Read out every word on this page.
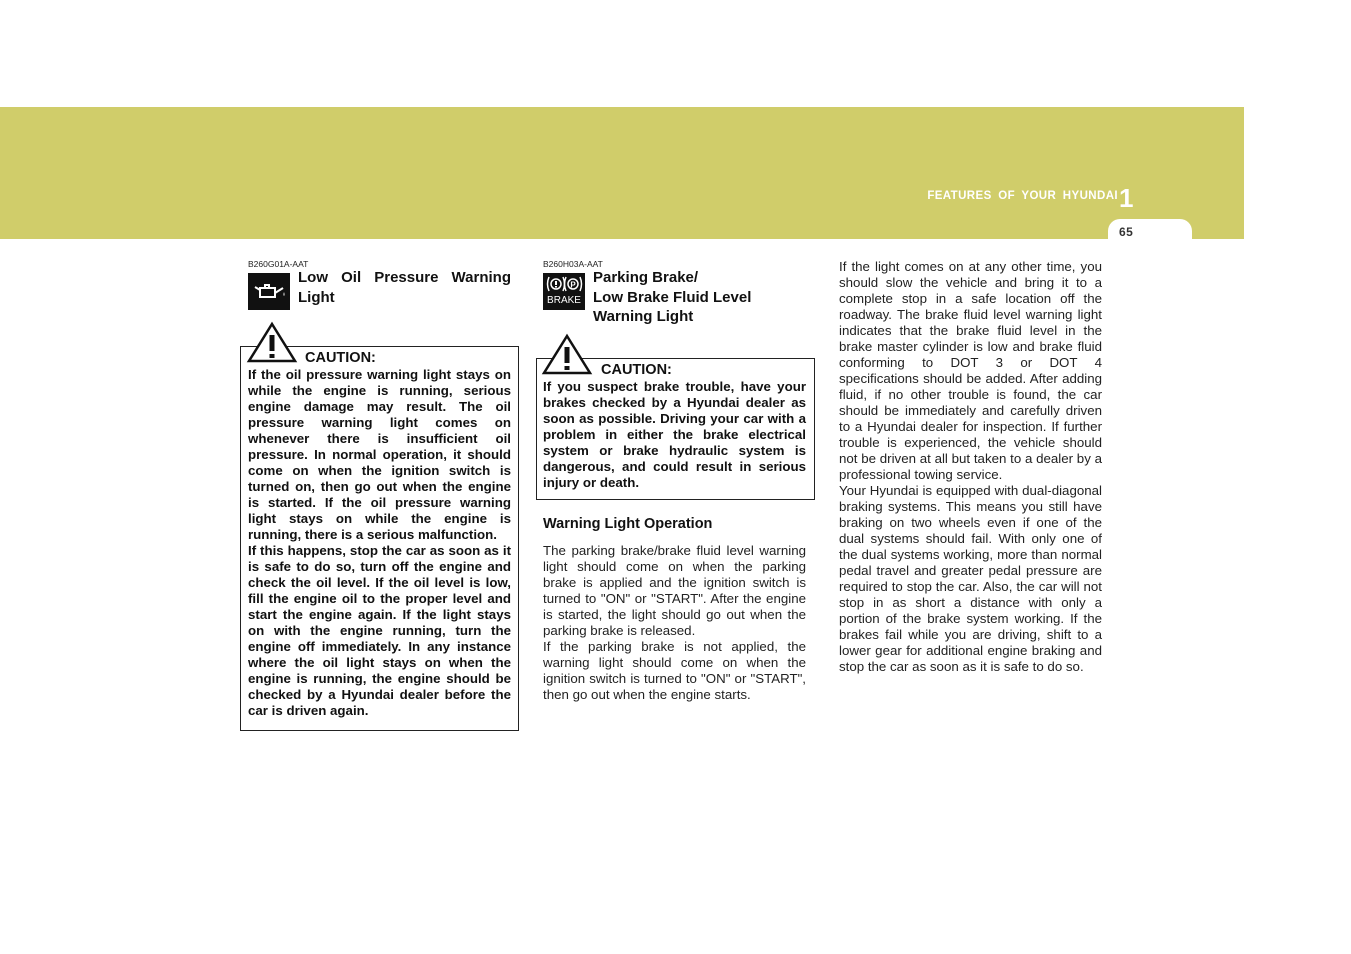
FEATURES OF YOUR HYUNDAI 1
65
B260G01A-AAT
Low Oil Pressure Warning Light
CAUTION:

If the oil pressure warning light stays on while the engine is running, serious engine damage may result. The oil pressure warning light comes on whenever there is insufficient oil pressure. In normal operation, it should come on when the ignition switch is turned on, then go out when the engine is started. If the oil pressure warning light stays on while the engine is running, there is a serious malfunction.

If this happens, stop the car as soon as it is safe to do so, turn off the engine and check the oil level. If the oil level is low, fill the engine oil to the proper level and start the engine again. If the light stays on with the engine running, turn the engine off immediately. In any instance where the oil light stays on when the engine is running, the engine should be checked by a Hyundai dealer before the car is driven again.

B260H03A-AAT
P
BRAKE
Parking Brake/
Low Brake Fluid Level
Warning Light
CAUTION:
If you suspect brake trouble, have your brakes checked by a Hyundai dealer as soon as possible. Driving your car with a problem in either the brake electrical system or brake hydraulic system is dangerous, and could result in serious injury or death.
Warning Light Operation

The parking brake/brake fluid level warning light should come on when the parking brake is applied and the ignition switch is turned to "ON" or "START". After the engine is started, the light should go out when the parking brake is released.

If the parking brake is not applied, the warning light should come on when the ignition switch is turned to "ON" or "START", then go out when the engine starts.

If the light comes on at any other time, you should slow the vehicle and bring it to a complete stop in a safe location off the roadway. The brake fluid level warning light indicates that the brake fluid level in the brake master cylinder is low and brake fluid conforming to DOT 3 or DOT 4 specifications should be added. After adding fluid, if no other trouble is found, the car should be immediately and carefully driven to a Hyundai dealer for inspection. If further trouble is experienced, the vehicle should not be driven at all but taken to a dealer by a professional towing service.

Your Hyundai is equipped with dual-diagonal braking systems. This means you still have braking on two wheels even if one of the dual systems should fail. With only one of the dual systems working, more than normal pedal travel and greater pedal pressure are required to stop the car. Also, the car will not stop in as short a distance with only a portion of the brake system working. If the brakes fail while you are driving, shift to a lower gear for additional engine braking and stop the car as soon as it is safe to do so.
